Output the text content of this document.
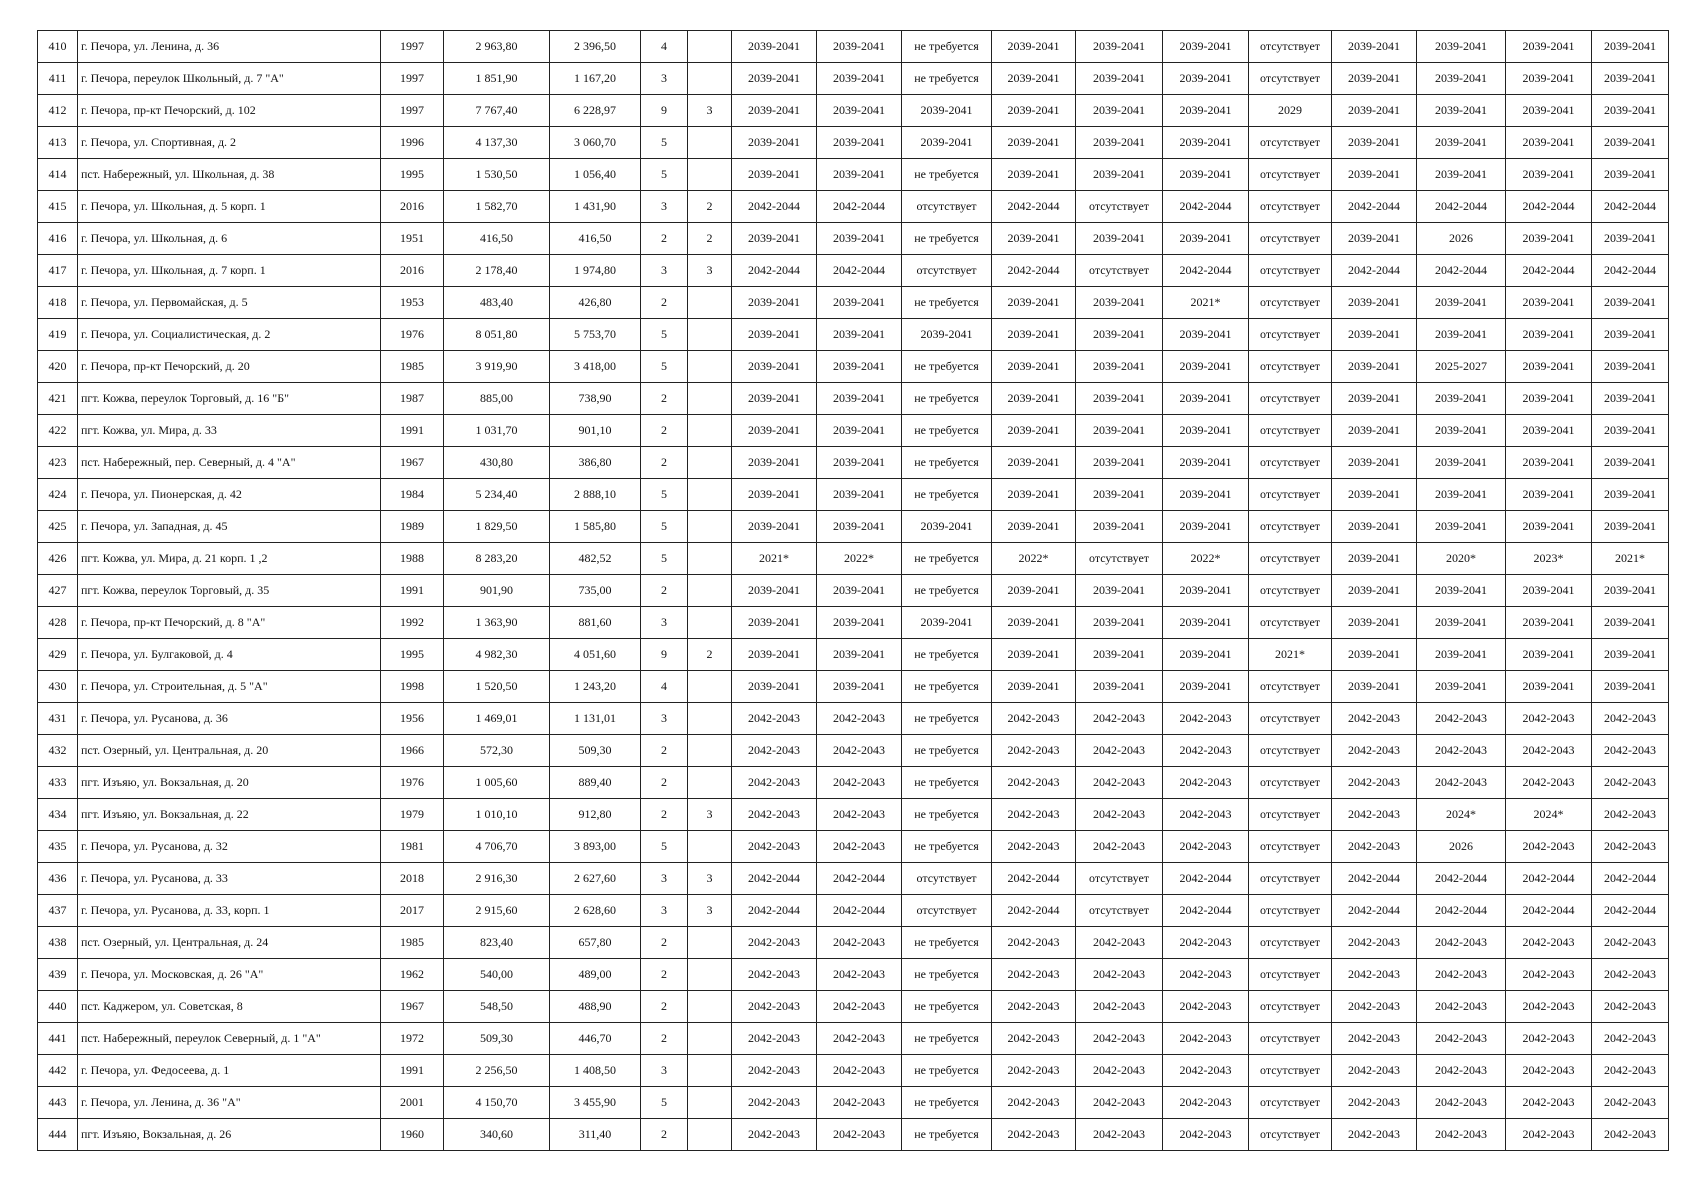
410	г. Печора, ул. Ленина, д. 36	1997	2 963,80	2 396,50	4		2039-2041	2039-2041	не требуется	2039-2041	2039-2041	2039-2041	отсутствует	2039-2041	2039-2041	2039-2041	2039-2041
411	г. Печора, переулок Школьный, д. 7 "А"	1997	1 851,90	1 167,20	3		2039-2041	2039-2041	не требуется	2039-2041	2039-2041	2039-2041	отсутствует	2039-2041	2039-2041	2039-2041	2039-2041
412	г. Печора, пр-кт Печорский, д. 102	1997	7 767,40	6 228,97	9	3	2039-2041	2039-2041	2039-2041	2039-2041	2039-2041	2039-2041	2029	2039-2041	2039-2041	2039-2041	2039-2041
413	г. Печора, ул. Спортивная, д. 2	1996	4 137,30	3 060,70	5		2039-2041	2039-2041	2039-2041	2039-2041	2039-2041	2039-2041	отсутствует	2039-2041	2039-2041	2039-2041	2039-2041
414	пст. Набережный, ул. Школьная, д. 38	1995	1 530,50	1 056,40	5		2039-2041	2039-2041	не требуется	2039-2041	2039-2041	2039-2041	отсутствует	2039-2041	2039-2041	2039-2041	2039-2041
415	г. Печора, ул. Школьная, д. 5 корп. 1	2016	1 582,70	1 431,90	3	2	2042-2044	2042-2044	отсутствует	2042-2044	отсутствует	2042-2044	отсутствует	2042-2044	2042-2044	2042-2044	2042-2044
416	г. Печора, ул. Школьная, д. 6	1951	416,50	416,50	2	2	2039-2041	2039-2041	не требуется	2039-2041	2039-2041	2039-2041	отсутствует	2039-2041	2026	2039-2041	2039-2041
417	г. Печора, ул. Школьная, д. 7 корп. 1	2016	2 178,40	1 974,80	3	3	2042-2044	2042-2044	отсутствует	2042-2044	отсутствует	2042-2044	отсутствует	2042-2044	2042-2044	2042-2044	2042-2044
418	г. Печора, ул. Первомайская, д. 5	1953	483,40	426,80	2		2039-2041	2039-2041	не требуется	2039-2041	2039-2041	2021*	отсутствует	2039-2041	2039-2041	2039-2041	2039-2041
419	г. Печора, ул. Социалистическая, д. 2	1976	8 051,80	5 753,70	5		2039-2041	2039-2041	2039-2041	2039-2041	2039-2041	2039-2041	отсутствует	2039-2041	2039-2041	2039-2041	2039-2041
420	г. Печора, пр-кт Печорский, д. 20	1985	3 919,90	3 418,00	5		2039-2041	2039-2041	не требуется	2039-2041	2039-2041	2039-2041	отсутствует	2039-2041	2025-2027	2039-2041	2039-2041
421	пгт. Кожва, переулок Торговый, д. 16 "Б"	1987	885,00	738,90	2		2039-2041	2039-2041	не требуется	2039-2041	2039-2041	2039-2041	отсутствует	2039-2041	2039-2041	2039-2041	2039-2041
422	пгт. Кожва, ул. Мира, д. 33	1991	1 031,70	901,10	2		2039-2041	2039-2041	не требуется	2039-2041	2039-2041	2039-2041	отсутствует	2039-2041	2039-2041	2039-2041	2039-2041
423	пст. Набережный, пер. Северный, д. 4 "А"	1967	430,80	386,80	2		2039-2041	2039-2041	не требуется	2039-2041	2039-2041	2039-2041	отсутствует	2039-2041	2039-2041	2039-2041	2039-2041
424	г. Печора, ул. Пионерская, д. 42	1984	5 234,40	2 888,10	5		2039-2041	2039-2041	не требуется	2039-2041	2039-2041	2039-2041	отсутствует	2039-2041	2039-2041	2039-2041	2039-2041
425	г. Печора, ул. Западная, д. 45	1989	1 829,50	1 585,80	5		2039-2041	2039-2041	2039-2041	2039-2041	2039-2041	2039-2041	отсутствует	2039-2041	2039-2041	2039-2041	2039-2041
426	пгт. Кожва, ул. Мира, д. 21 корп. 1 ,2	1988	8 283,20	482,52	5		2021*	2022*	не требуется	2022*	отсутствует	2022*	отсутствует	2039-2041	2020*	2023*	2021*
427	пгт. Кожва, переулок Торговый, д. 35	1991	901,90	735,00	2		2039-2041	2039-2041	не требуется	2039-2041	2039-2041	2039-2041	отсутствует	2039-2041	2039-2041	2039-2041	2039-2041
428	г. Печора, пр-кт Печорский, д. 8 "А"	1992	1 363,90	881,60	3		2039-2041	2039-2041	2039-2041	2039-2041	2039-2041	2039-2041	отсутствует	2039-2041	2039-2041	2039-2041	2039-2041
429	г. Печора, ул. Булгаковой, д. 4	1995	4 982,30	4 051,60	9	2	2039-2041	2039-2041	не требуется	2039-2041	2039-2041	2039-2041	2021*	2039-2041	2039-2041	2039-2041	2039-2041
430	г. Печора, ул. Строительная, д. 5 "А"	1998	1 520,50	1 243,20	4		2039-2041	2039-2041	не требуется	2039-2041	2039-2041	2039-2041	отсутствует	2039-2041	2039-2041	2039-2041	2039-2041
431	г. Печора, ул. Русанова, д. 36	1956	1 469,01	1 131,01	3		2042-2043	2042-2043	не требуется	2042-2043	2042-2043	2042-2043	отсутствует	2042-2043	2042-2043	2042-2043	2042-2043
432	пст. Озерный, ул. Центральная, д. 20	1966	572,30	509,30	2		2042-2043	2042-2043	не требуется	2042-2043	2042-2043	2042-2043	отсутствует	2042-2043	2042-2043	2042-2043	2042-2043
433	пгт. Изъяю, ул. Вокзальная, д. 20	1976	1 005,60	889,40	2		2042-2043	2042-2043	не требуется	2042-2043	2042-2043	2042-2043	отсутствует	2042-2043	2042-2043	2042-2043	2042-2043
434	пгт. Изъяю, ул. Вокзальная, д. 22	1979	1 010,10	912,80	2	3	2042-2043	2042-2043	не требуется	2042-2043	2042-2043	2042-2043	отсутствует	2042-2043	2024*	2024*	2042-2043
435	г. Печора, ул. Русанова, д. 32	1981	4 706,70	3 893,00	5		2042-2043	2042-2043	не требуется	2042-2043	2042-2043	2042-2043	отсутствует	2042-2043	2026	2042-2043	2042-2043
436	г. Печора, ул. Русанова, д. 33	2018	2 916,30	2 627,60	3	3	2042-2044	2042-2044	отсутствует	2042-2044	отсутствует	2042-2044	отсутствует	2042-2044	2042-2044	2042-2044	2042-2044
437	г. Печора, ул. Русанова, д. 33, корп. 1	2017	2 915,60	2 628,60	3	3	2042-2044	2042-2044	отсутствует	2042-2044	отсутствует	2042-2044	отсутствует	2042-2044	2042-2044	2042-2044	2042-2044
438	пст. Озерный, ул. Центральная, д. 24	1985	823,40	657,80	2		2042-2043	2042-2043	не требуется	2042-2043	2042-2043	2042-2043	отсутствует	2042-2043	2042-2043	2042-2043	2042-2043
439	г. Печора, ул. Московская, д. 26 "А"	1962	540,00	489,00	2		2042-2043	2042-2043	не требуется	2042-2043	2042-2043	2042-2043	отсутствует	2042-2043	2042-2043	2042-2043	2042-2043
440	пст. Каджером, ул. Советская, 8	1967	548,50	488,90	2		2042-2043	2042-2043	не требуется	2042-2043	2042-2043	2042-2043	отсутствует	2042-2043	2042-2043	2042-2043	2042-2043
441	пст. Набережный, переулок Северный, д. 1 "А"	1972	509,30	446,70	2		2042-2043	2042-2043	не требуется	2042-2043	2042-2043	2042-2043	отсутствует	2042-2043	2042-2043	2042-2043	2042-2043
442	г. Печора, ул. Федосеева, д. 1	1991	2 256,50	1 408,50	3		2042-2043	2042-2043	не требуется	2042-2043	2042-2043	2042-2043	отсутствует	2042-2043	2042-2043	2042-2043	2042-2043
443	г. Печора, ул. Ленина, д. 36 "А"	2001	4 150,70	3 455,90	5		2042-2043	2042-2043	не требуется	2042-2043	2042-2043	2042-2043	отсутствует	2042-2043	2042-2043	2042-2043	2042-2043
444	пгт. Изъяю, Вокзальная, д. 26	1960	340,60	311,40	2		2042-2043	2042-2043	не требуется	2042-2043	2042-2043	2042-2043	отсутствует	2042-2043	2042-2043	2042-2043	2042-2043
